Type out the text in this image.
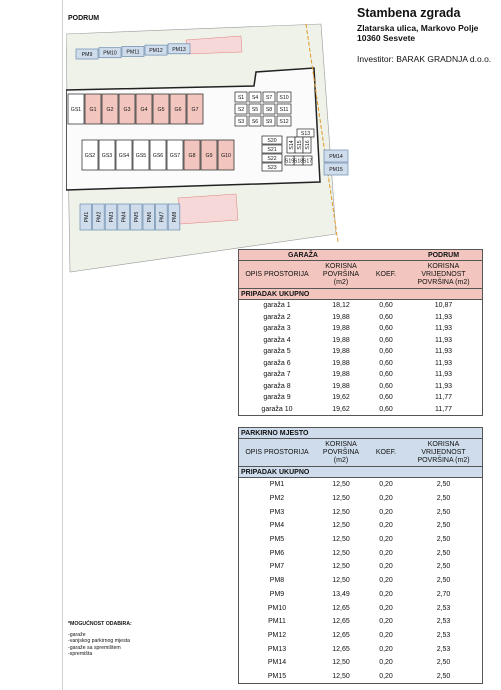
PODRUM	Stambena zgrada
Zlatarska ulica, Markovo Polje
10360 Sesvete
Investitor: BARAK GRADNJA d.o.o.
PM9 PM10 PM11 PM12 PM13
PM14
PM15
PM1 PM2 PM3 PM4 PM5 PM6 PM7 PM8
GS1 G1 G2 G3 G4 G5 G6 G7
GS2 GS3 GS4 GS5 GS6 GS7 G8 G9 G10
S1
S2
S3
S4
S5
S6
S7
S8
S9
S10
S11
S12
S13
S14 S15 S16
S17
S18
S19
S20
S21
S22
S23
GARAŽA			PODRUM
OPIS PROSTORIJA	KORISNA POVRŠINA (m2)	KOEF.	KORISNA VRIJEDNOST POVRŠINA (m2)
PRIPADAK UKUPNO			
garaža 1	18,12	0,60	10,87
garaža 2	19,88	0,60	11,93
garaža 3	19,88	0,60	11,93
garaža 4	19,88	0,60	11,93
garaža 5	19,88	0,60	11,93
garaža 6	19,88	0,60	11,93
garaža 7	19,88	0,60	11,93
garaža 8	19,88	0,60	11,93
garaža 9	19,62	0,60	11,77
garaža 10	19,62	0,60	11,77
PARKIRNO MJESTO			
OPIS PROSTORIJA	KORISNA POVRŠINA (m2)	KOEF.	KORISNA VRIJEDNOST POVRŠINA (m2)
PRIPADAK UKUPNO			
PM1	12,50	0,20	2,50
PM2	12,50	0,20	2,50
PM3	12,50	0,20	2,50
PM4	12,50	0,20	2,50
PM5	12,50	0,20	2,50
PM6	12,50	0,20	2,50
PM7	12,50	0,20	2,50
PM8	12,50	0,20	2,50
PM9	13,49	0,20	2,70
PM10	12,65	0,20	2,53
PM11	12,65	0,20	2,53
PM12	12,65	0,20	2,53
PM13	12,65	0,20	2,53
PM14	12,50	0,20	2,50
PM15	12,50	0,20	2,50
*MOGUĆNOST ODABIRA:
-garaže
-vanjskog parkirnog mjesta
-garaže sa spremištem
-spremišta
